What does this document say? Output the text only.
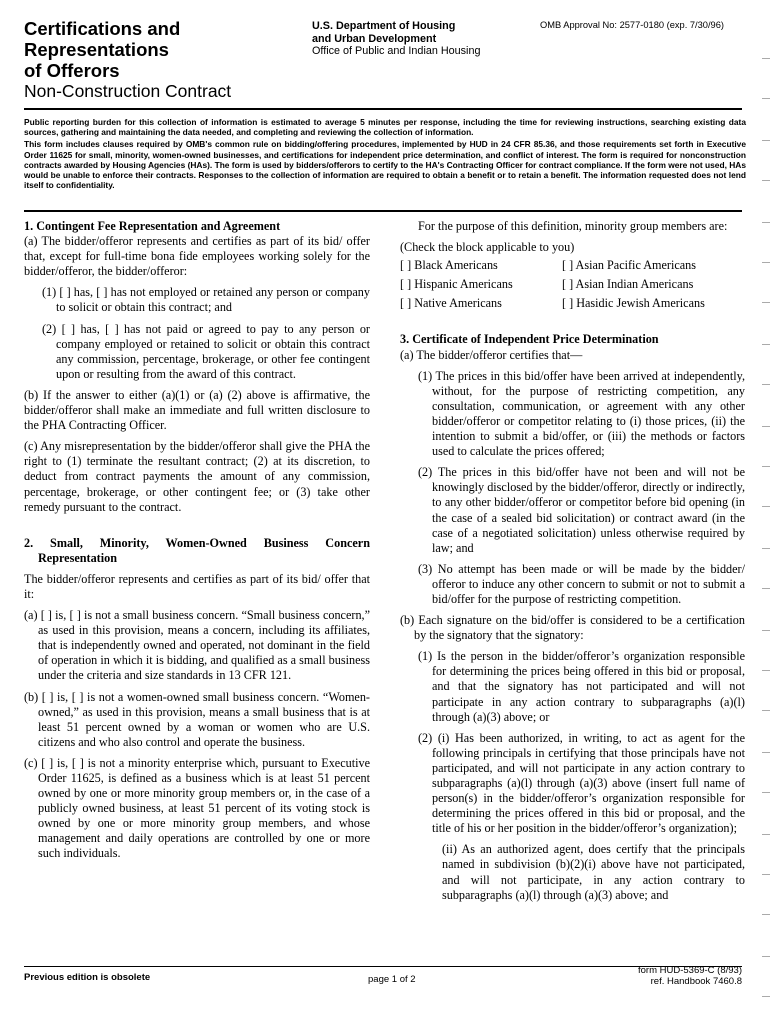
Certifications and
Representations
of Offerors
Non-Construction Contract
U.S. Department of Housing
and Urban Development
Office of Public and Indian Housing
OMB Approval No: 2577-0180 (exp. 7/30/96)

Public reporting burden for this collection of information is estimated to average 5 minutes per response, including the time for reviewing instructions, searching existing data sources, gathering and maintaining the data needed, and completing and reviewing the collection of information.

This form includes clauses required by OMB's common rule on bidding/offering procedures, implemented by HUD in 24 CFR 85.36, and those requirements set forth in Executive Order 11625 for small, minority, women-owned businesses, and certifications for independent price determination, and conflict of interest. The form is required for nonconstruction contracts awarded by Housing Agencies (HAs). The form is used by bidders/offerors to certify to the HA's Contracting Officer for contract compliance. If the form were not used, HAs would be unable to enforce their contracts. Responses to the collection of information are required to obtain a benefit or to retain a benefit. The information requested does not lend itself to confidentiality.

1. Contingent Fee Representation and Agreement

(a) The bidder/offeror represents and certifies as part of its bid/ offer that, except for full-time bona fide employees working solely for the bidder/offeror, the bidder/offeror:

(1) [ ] has, [ ] has not employed or retained any person or company to solicit or obtain this contract; and

(2) [ ] has, [ ] has not paid or agreed to pay to any person or company employed or retained to solicit or obtain this contract any commission, percentage, brokerage, or other fee contingent upon or resulting from the award of this contract.

(b) If the answer to either (a)(1) or (a) (2) above is affirmative, the bidder/offeror shall make an immediate and full written disclosure to the PHA Contracting Officer.

(c) Any misrepresentation by the bidder/offeror shall give the PHA the right to (1) terminate the resultant contract; (2) at its discretion, to deduct from contract payments the amount of any commission, percentage, brokerage, or other contingent fee; or (3) take other remedy pursuant to the contract.

2. Small, Minority, Women-Owned Business Concern Representation

The bidder/offeror represents and certifies as part of its bid/ offer that it:

(a) [ ] is, [ ] is not a small business concern. “Small business concern,” as used in this provision, means a concern, including its affiliates, that is independently owned and operated, not dominant in the field of operation in which it is bidding, and qualified as a small business under the criteria and size standards in 13 CFR 121.

(b) [ ] is, [ ] is not a women-owned small business concern. “Women-owned,” as used in this provision, means a small business that is at least 51 percent owned by a woman or women who are U.S. citizens and who also control and operate the business.

(c) [ ] is, [ ] is not a minority enterprise which, pursuant to Executive Order 11625, is defined as a business which is at least 51 percent owned by one or more minority group members or, in the case of a publicly owned business, at least 51 percent of its voting stock is owned by one or more minority group members, and whose management and daily operations are controlled by one or more such individuals.

For the purpose of this definition, minority group members are:

(Check the block applicable to you)

[ ] Black Americans	[ ] Asian Pacific Americans
[ ] Hispanic Americans	[ ] Asian Indian Americans
[ ] Native Americans	[ ] Hasidic Jewish Americans

3. Certificate of Independent Price Determination

(a) The bidder/offeror certifies that—

(1) The prices in this bid/offer have been arrived at independently, without, for the purpose of restricting competition, any consultation, communication, or agreement with any other bidder/offeror or competitor relating to (i) those prices, (ii) the intention to submit a bid/offer, or (iii) the methods or factors used to calculate the prices offered;

(2) The prices in this bid/offer have not been and will not be knowingly disclosed by the bidder/offeror, directly or indirectly, to any other bidder/offeror or competitor before bid opening (in the case of a sealed bid solicitation) or contract award (in the case of a negotiated solicitation) unless otherwise required by law; and

(3) No attempt has been made or will be made by the bidder/ offeror to induce any other concern to submit or not to submit a bid/offer for the purpose of restricting competition.

(b) Each signature on the bid/offer is considered to be a certification by the signatory that the signatory:

(1) Is the person in the bidder/offeror’s organization responsible for determining the prices being offered in this bid or proposal, and that the signatory has not participated and will not participate in any action contrary to subparagraphs (a)(l) through (a)(3) above; or

(2) (i) Has been authorized, in writing, to act as agent for the following principals in certifying that those principals have not participated, and will not participate in any action contrary to subparagraphs (a)(l) through (a)(3) above (insert full name of person(s) in the bidder/offeror’s organization responsible for determining the prices offered in this bid or proposal, and the title of his or her position in the bidder/offeror’s organization);

(ii) As an authorized agent, does certify that the principals named in subdivision (b)(2)(i) above have not participated, and will not participate, in any action contrary to subparagraphs (a)(l) through (a)(3) above; and

Previous edition is obsolete	page 1 of 2
form HUD-5369-C (8/93)
ref. Handbook 7460.8
